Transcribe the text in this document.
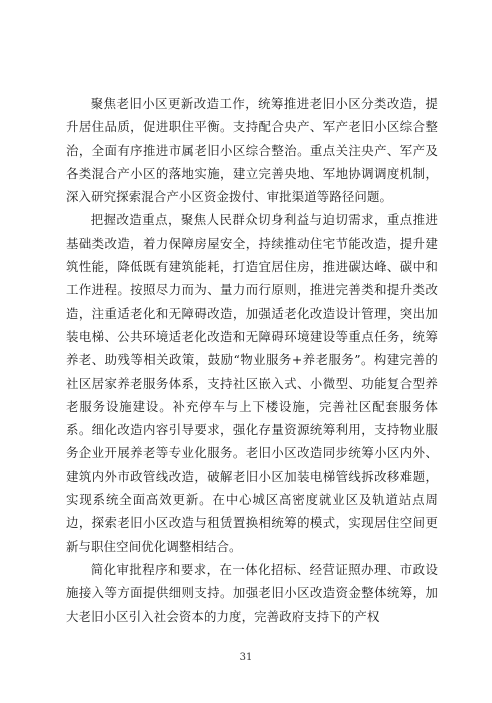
聚焦老旧小区更新改造工作，统筹推进老旧小区分类改造，提升居住品质，促进职住平衡。支持配合央产、军产老旧小区综合整治，全面有序推进市属老旧小区综合整治。重点关注央产、军产及各类混合产小区的落地实施，建立完善央地、军地协调调度机制，深入研究探索混合产小区资金拨付、审批渠道等路径问题。

把握改造重点，聚焦人民群众切身利益与迫切需求，重点推进基础类改造，着力保障房屋安全，持续推动住宅节能改造，提升建筑性能，降低既有建筑能耗，打造宜居住房，推进碳达峰、碳中和工作进程。按照尽力而为、量力而行原则，推进完善类和提升类改造，注重适老化和无障碍改造，加强适老化改造设计管理，突出加装电梯、公共环境适老化改造和无障碍环境建设等重点任务，统筹养老、助残等相关政策，鼓励“物业服务+养老服务”。构建完善的社区居家养老服务体系，支持社区嵌入式、小微型、功能复合型养老服务设施建设。补充停车与上下楼设施，完善社区配套服务体系。细化改造内容引导要求，强化存量资源统筹利用，支持物业服务企业开展养老等专业化服务。老旧小区改造同步统筹小区内外、建筑内外市政管线改造，破解老旧小区加装电梯管线拆改移难题，实现系统全面高效更新。在中心城区高密度就业区及轨道站点周边，探索老旧小区改造与租赁置换相统筹的模式，实现居住空间更新与职住空间优化调整相结合。

简化审批程序和要求，在一体化招标、经营证照办理、市政设施接入等方面提供细则支持。加强老旧小区改造资金整体统筹，加大老旧小区引入社会资本的力度，完善政府支持下的产权

31
